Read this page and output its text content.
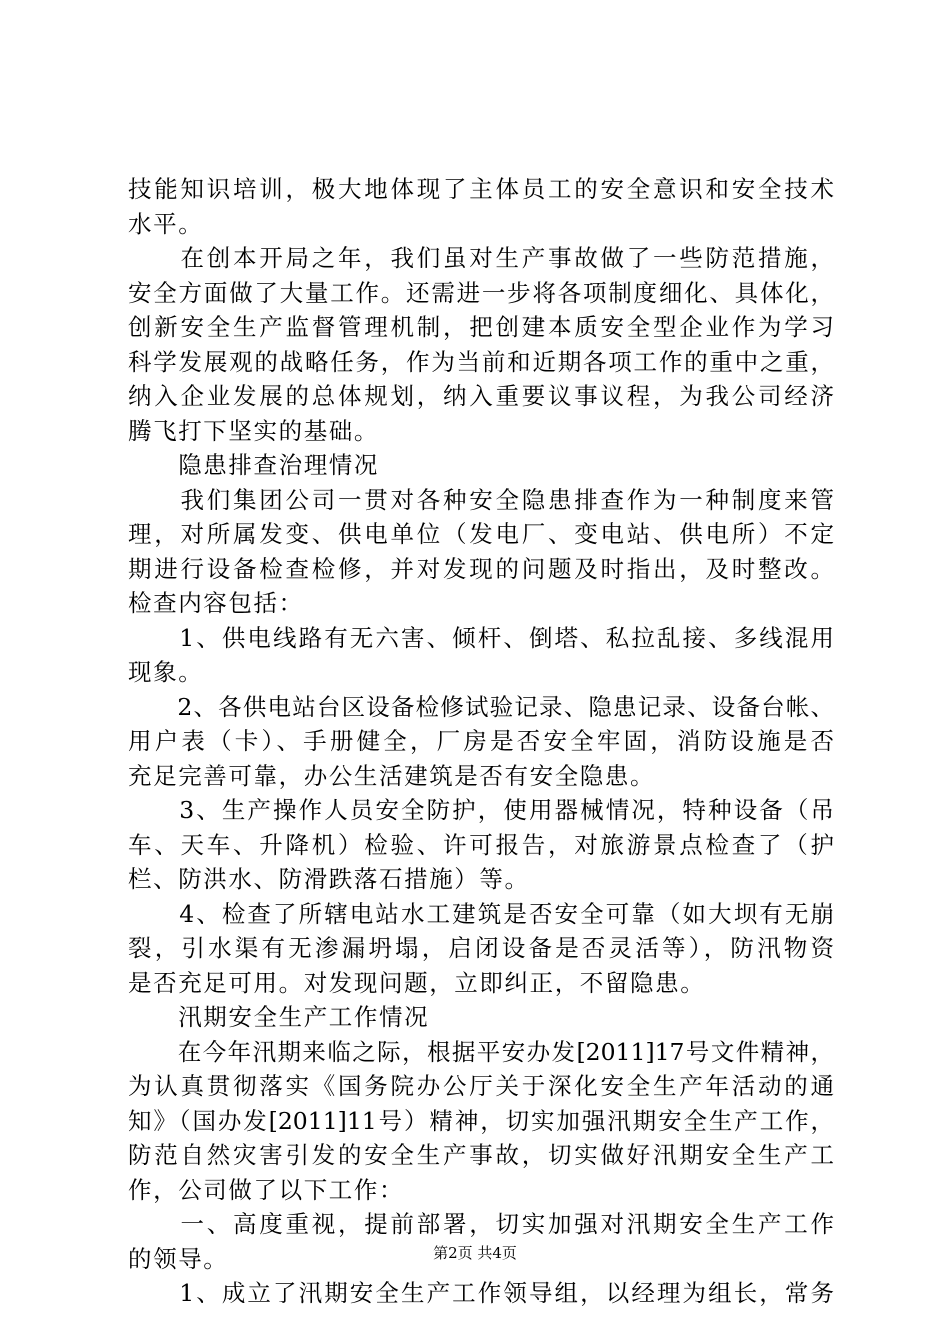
技能知识培训，极大地体现了主体员工的安全意识和安全技术
水平。
　　在创本开局之年，我们虽对生产事故做了一些防范措施，
安全方面做了大量工作。还需进一步将各项制度细化、具体化，
创新安全生产监督管理机制，把创建本质安全型企业作为学习
科学发展观的战略任务，作为当前和近期各项工作的重中之重，
纳入企业发展的总体规划，纳入重要议事议程，为我公司经济
腾飞打下坚实的基础。
　　隐患排查治理情况
　　我们集团公司一贯对各种安全隐患排查作为一种制度来管
理，对所属发变、供电单位（发电厂、变电站、供电所）不定
期进行设备检查检修，并对发现的问题及时指出，及时整改。
检查内容包括：
　　1、供电线路有无六害、倾杆、倒塔、私拉乱接、多线混用
现象。
　　2、各供电站台区设备检修试验记录、隐患记录、设备台帐、
用户表（卡）、手册健全，厂房是否安全牢固，消防设施是否
充足完善可靠，办公生活建筑是否有安全隐患。
　　3、生产操作人员安全防护，使用器械情况，特种设备（吊
车、天车、升降机）检验、许可报告，对旅游景点检查了（护
栏、防洪水、防滑跌落石措施）等。
　　4、检查了所辖电站水工建筑是否安全可靠（如大坝有无崩
裂，引水渠有无渗漏坍塌，启闭设备是否灵活等），防汛物资
是否充足可用。对发现问题，立即纠正，不留隐患。
　　汛期安全生产工作情况
　　在今年汛期来临之际，根据平安办发[2011]17号文件精神，
为认真贯彻落实《国务院办公厅关于深化安全生产年活动的通
知》（国办发[2011]11号）精神，切实加强汛期安全生产工作，
防范自然灾害引发的安全生产事故，切实做好汛期安全生产工
作，公司做了以下工作：
　　一、高度重视，提前部署，切实加强对汛期安全生产工作
的领导。
　　1、成立了汛期安全生产工作领导组，以经理为组长，常务
第2页 共4页
